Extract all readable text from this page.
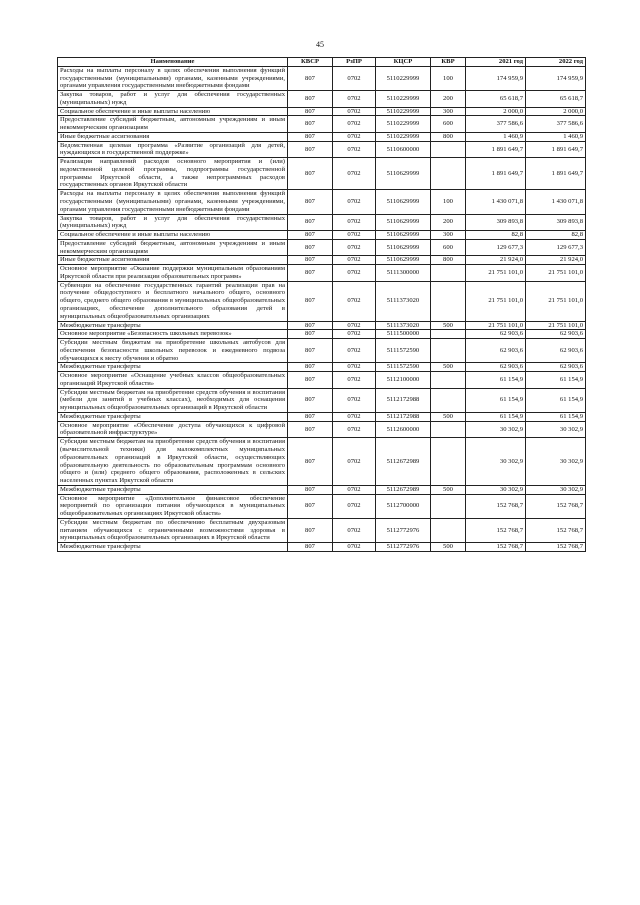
45
Наименование	КВСР	РзПР	КЦСР	КВР	2021 год	2022 год
Расходы на выплаты персоналу в целях обеспечения выполнения функций государственными (муниципальными) органами, казенными учреждениями, органами управления государственными внебюджетными фондами	807	0702	5110229999	100	174 959,9	174 959,9
Закупка товаров, работ и услуг для обеспечения государственных (муниципальных) нужд	807	0702	5110229999	200	65 618,7	65 618,7
Социальное обеспечение и иные выплаты населению	807	0702	5110229999	300	2 000,0	2 000,0
Предоставление субсидий бюджетным, автономным учреждениям и иным некоммерческим организациям	807	0702	5110229999	600	377 586,6	377 586,6
Иные бюджетные ассигнования	807	0702	5110229999	800	1 460,9	1 460,9
Ведомственная целевая программа «Развитие организаций для детей, нуждающихся в государственной поддержке»	807	0702	5110600000		1 891 649,7	1 891 649,7
Реализация направлений расходов основного мероприятия и (или) ведомственной целевой программы, подпрограммы государственной программы Иркутской области, а также непрограммных расходов государственных органов Иркутской области	807	0702	5110629999		1 891 649,7	1 891 649,7
Расходы на выплаты персоналу в целях обеспечения выполнения функций государственными (муниципальными) органами, казенными учреждениями, органами управления государственными внебюджетными фондами	807	0702	5110629999	100	1 430 071,8	1 430 071,8
Закупка товаров, работ и услуг для обеспечения государственных (муниципальных) нужд	807	0702	5110629999	200	309 893,8	309 893,8
Социальное обеспечение и иные выплаты населению	807	0702	5110629999	300	82,8	82,8
Предоставление субсидий бюджетным, автономным учреждениям и иным некоммерческим организациям	807	0702	5110629999	600	129 677,3	129 677,3
Иные бюджетные ассигнования	807	0702	5110629999	800	21 924,0	21 924,0
Основное мероприятие «Оказание поддержки муниципальным образованиям Иркутской области при реализации образовательных программ»	807	0702	5111300000		21 751 101,0	21 751 101,0
Субвенции на обеспечение государственных гарантий реализации прав на получение общедоступного и бесплатного начального общего, основного общего, среднего общего образования в муниципальных общеобразовательных организациях, обеспечение дополнительного образования детей в муниципальных общеобразовательных организациях	807	0702	5111373020		21 751 101,0	21 751 101,0
Межбюджетные трансферты	807	0702	5111373020	500	21 751 101,0	21 751 101,0
Основное мероприятие «Безопасность школьных перевозок»	807	0702	5111500000		62 903,6	62 903,6
Субсидии местным бюджетам на приобретение школьных автобусов для обеспечения безопасности школьных перевозок и ежедневного подвоза обучающихся к месту обучения и обратно	807	0702	5111572590		62 903,6	62 903,6
Межбюджетные трансферты	807	0702	5111572590	500	62 903,6	62 903,6
Основное мероприятие «Оснащение учебных классов общеобразовательных организаций Иркутской области»	807	0702	5112100000		61 154,9	61 154,9
Субсидии местным бюджетам на приобретение средств обучения и воспитания (мебели для занятий в учебных классах), необходимых для оснащения муниципальных общеобразовательных организаций в Иркутской области	807	0702	5112172988		61 154,9	61 154,9
Межбюджетные трансферты	807	0702	5112172988	500	61 154,9	61 154,9
Основное мероприятие «Обеспечение доступа обучающихся к цифровой образовательной инфраструктуре»	807	0702	5112600000		30 302,9	30 302,9
Субсидии местным бюджетам на приобретение средств обучения и воспитания (вычислительной техники) для малокомплектных муниципальных образовательных организаций в Иркутской области, осуществляющих образовательную деятельность по образовательным программам основного общего и (или) среднего общего образования, расположенных в сельских населенных пунктах Иркутской области	807	0702	5112672989		30 302,9	30 302,9
Межбюджетные трансферты	807	0702	5112672989	500	30 302,9	30 302,9
Основное мероприятие «Дополнительное финансовое обеспечение мероприятий по организации питания обучающихся в муниципальных общеобразовательных организациях Иркутской области»	807	0702	5112700000		152 768,7	152 768,7
Субсидии местным бюджетам по обеспечению бесплатным двухразовым питанием обучающихся с ограниченными возможностями здоровья в муниципальных общеобразовательных организациях в Иркутской области	807	0702	5112772976		152 768,7	152 768,7
Межбюджетные трансферты	807	0702	5112772976	500	152 768,7	152 768,7
